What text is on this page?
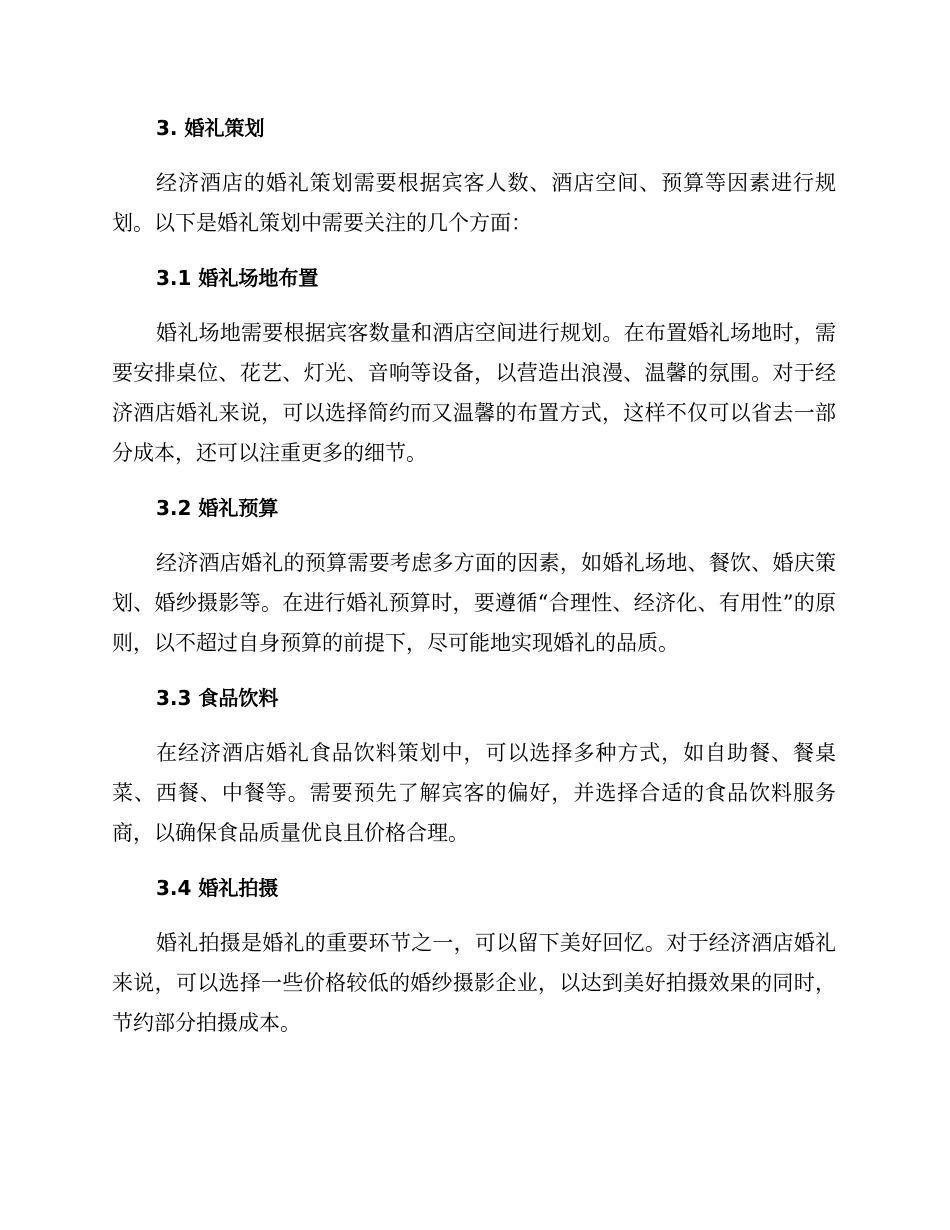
3. 婚礼策划

经济酒店的婚礼策划需要根据宾客人数、酒店空间、预算等因素进行规划。以下是婚礼策划中需要关注的几个方面：

3.1 婚礼场地布置

婚礼场地需要根据宾客数量和酒店空间进行规划。在布置婚礼场地时，需要安排桌位、花艺、灯光、音响等设备，以营造出浪漫、温馨的氛围。对于经济酒店婚礼来说，可以选择简约而又温馨的布置方式，这样不仅可以省去一部分成本，还可以注重更多的细节。

3.2 婚礼预算

经济酒店婚礼的预算需要考虑多方面的因素，如婚礼场地、餐饮、婚庆策划、婚纱摄影等。在进行婚礼预算时，要遵循“合理性、经济化、有用性”的原则，以不超过自身预算的前提下，尽可能地实现婚礼的品质。

3.3 食品饮料

在经济酒店婚礼食品饮料策划中，可以选择多种方式，如自助餐、餐桌菜、西餐、中餐等。需要预先了解宾客的偏好，并选择合适的食品饮料服务商，以确保食品质量优良且价格合理。

3.4 婚礼拍摄

婚礼拍摄是婚礼的重要环节之一，可以留下美好回忆。对于经济酒店婚礼来说，可以选择一些价格较低的婚纱摄影企业，以达到美好拍摄效果的同时，节约部分拍摄成本。
